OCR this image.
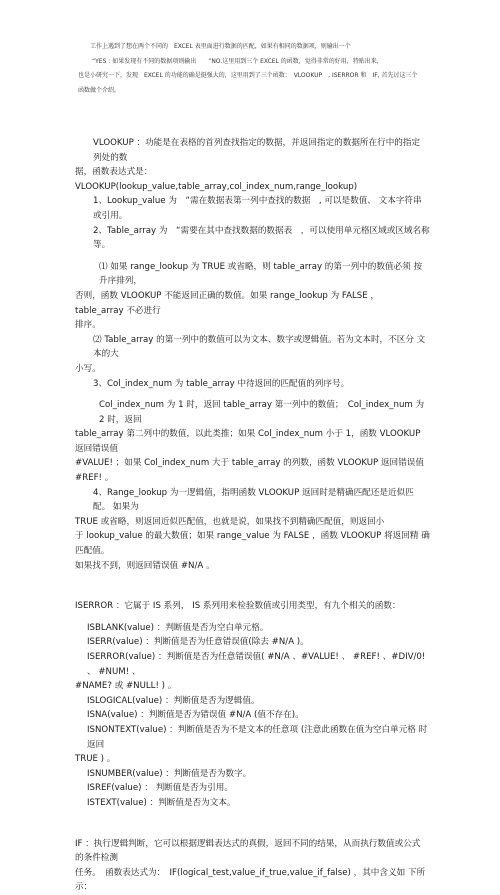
工作上遇到了想在两个不同的　EXCEL 表里面进行数据的匹配，如果有相同的数据项，则输出一个

“YES : 如果发现有不同的数据项则输出　　”NO.这里用到三个 EXCEL 的函数，觉得非常的好用，特贴出来，

也是小研究一下，发现　EXCEL 的功能的确是挺强大的，这里用到了三个函数：　VLOOKUP　, ISERROR 和　IF, 首先讨这三个

函数做个介绍。

VLOOKUP ：功能是在表格的首列查找指定的数据，并返回指定的数据所在行中的指定　列处的数

据，函数表达式是：

VLOOKUP(lookup_value,table_array,col_index_num,range_lookup)

1、Lookup_value 为　“需在数据表第一列中查找的数据　, 可以是数值、 文本字符串或引用。

2、Table_array 为　“需要在其中查找数据的数据表　，可以使用单元格区域或区域名称等。

⑴ 如果 range_lookup 为 TRUE 或省略，则 table_array 的第一列中的数值必须 按升序排列，

否则，函数 VLOOKUP 不能返回正确的数值。如果 range_lookup 为 FALSE ， table_array 不必进行

排序。

⑵ Table_array 的第一列中的数值可以为文本、数字或逻辑值。若为文本时，不区分 文本的大

小写。

3、Col_index_num 为 table_array 中待返回的匹配值的列序号。

Col_index_num 为 1 时，返回 table_array 第一列中的数值；　Col_index_num 为 2 时，返回

table_array 第二列中的数值，以此类推；如果 Col_index_num 小于 1，函数 VLOOKUP 返回错误值

#VALUE! ；如果 Col_index_num 大于 table_array 的列数，函数 VLOOKUP 返回错误值 #REF! 。

4、Range_lookup 为一逻辑值，指明函数 VLOOKUP 返回时是精确匹配还是近似匹配。 如果为

TRUE 或省略，则返回近似匹配值，也就是说，如果找不到精确匹配值，则返回小

于 lookup_value 的最大数值；如果 range_value 为 FALSE ，函数 VLOOKUP 将返回精 确匹配值。

如果找不到，则返回错误值 #N/A 。

ISERROR ：它属于 IS 系列， IS 系列用来检验数值或引用类型，有九个相关的函数：

ISBLANK(value) ：判断值是否为空白单元格。

ISERR(value) ：判断值是否为任意错误值(除去 #N/A )。

ISERROR(value) ：判断值是否为任意错误值( #N/A 、#VALUE! 、 #REF! 、#DIV/0! 、 #NUM! 、

#NAME? 或 #NULL! ) 。

ISLOGICAL(value) ：判断值是否为逻辑值。

ISNA(value) ：判断值是否为错误值 #N/A (值不存在)。

ISNONTEXT(value) ：判断值是否为不是文本的任意项 (注意此函数在值为空白单元格 时返回

TRUE ) 。

ISNUMBER(value) ：判断值是否为数字。

ISREF(value) ： 判断值是否为引用。

ISTEXT(value) ：判断值是否为文本。

IF ：执行逻辑判断，它可以根据逻辑表达式的真假，返回不同的结果，从而执行数值或公式 的条件检测

任务。　函数表达式为：　IF(logical_test,value_if_true,value_if_false) ，其中含义如 下所示：
